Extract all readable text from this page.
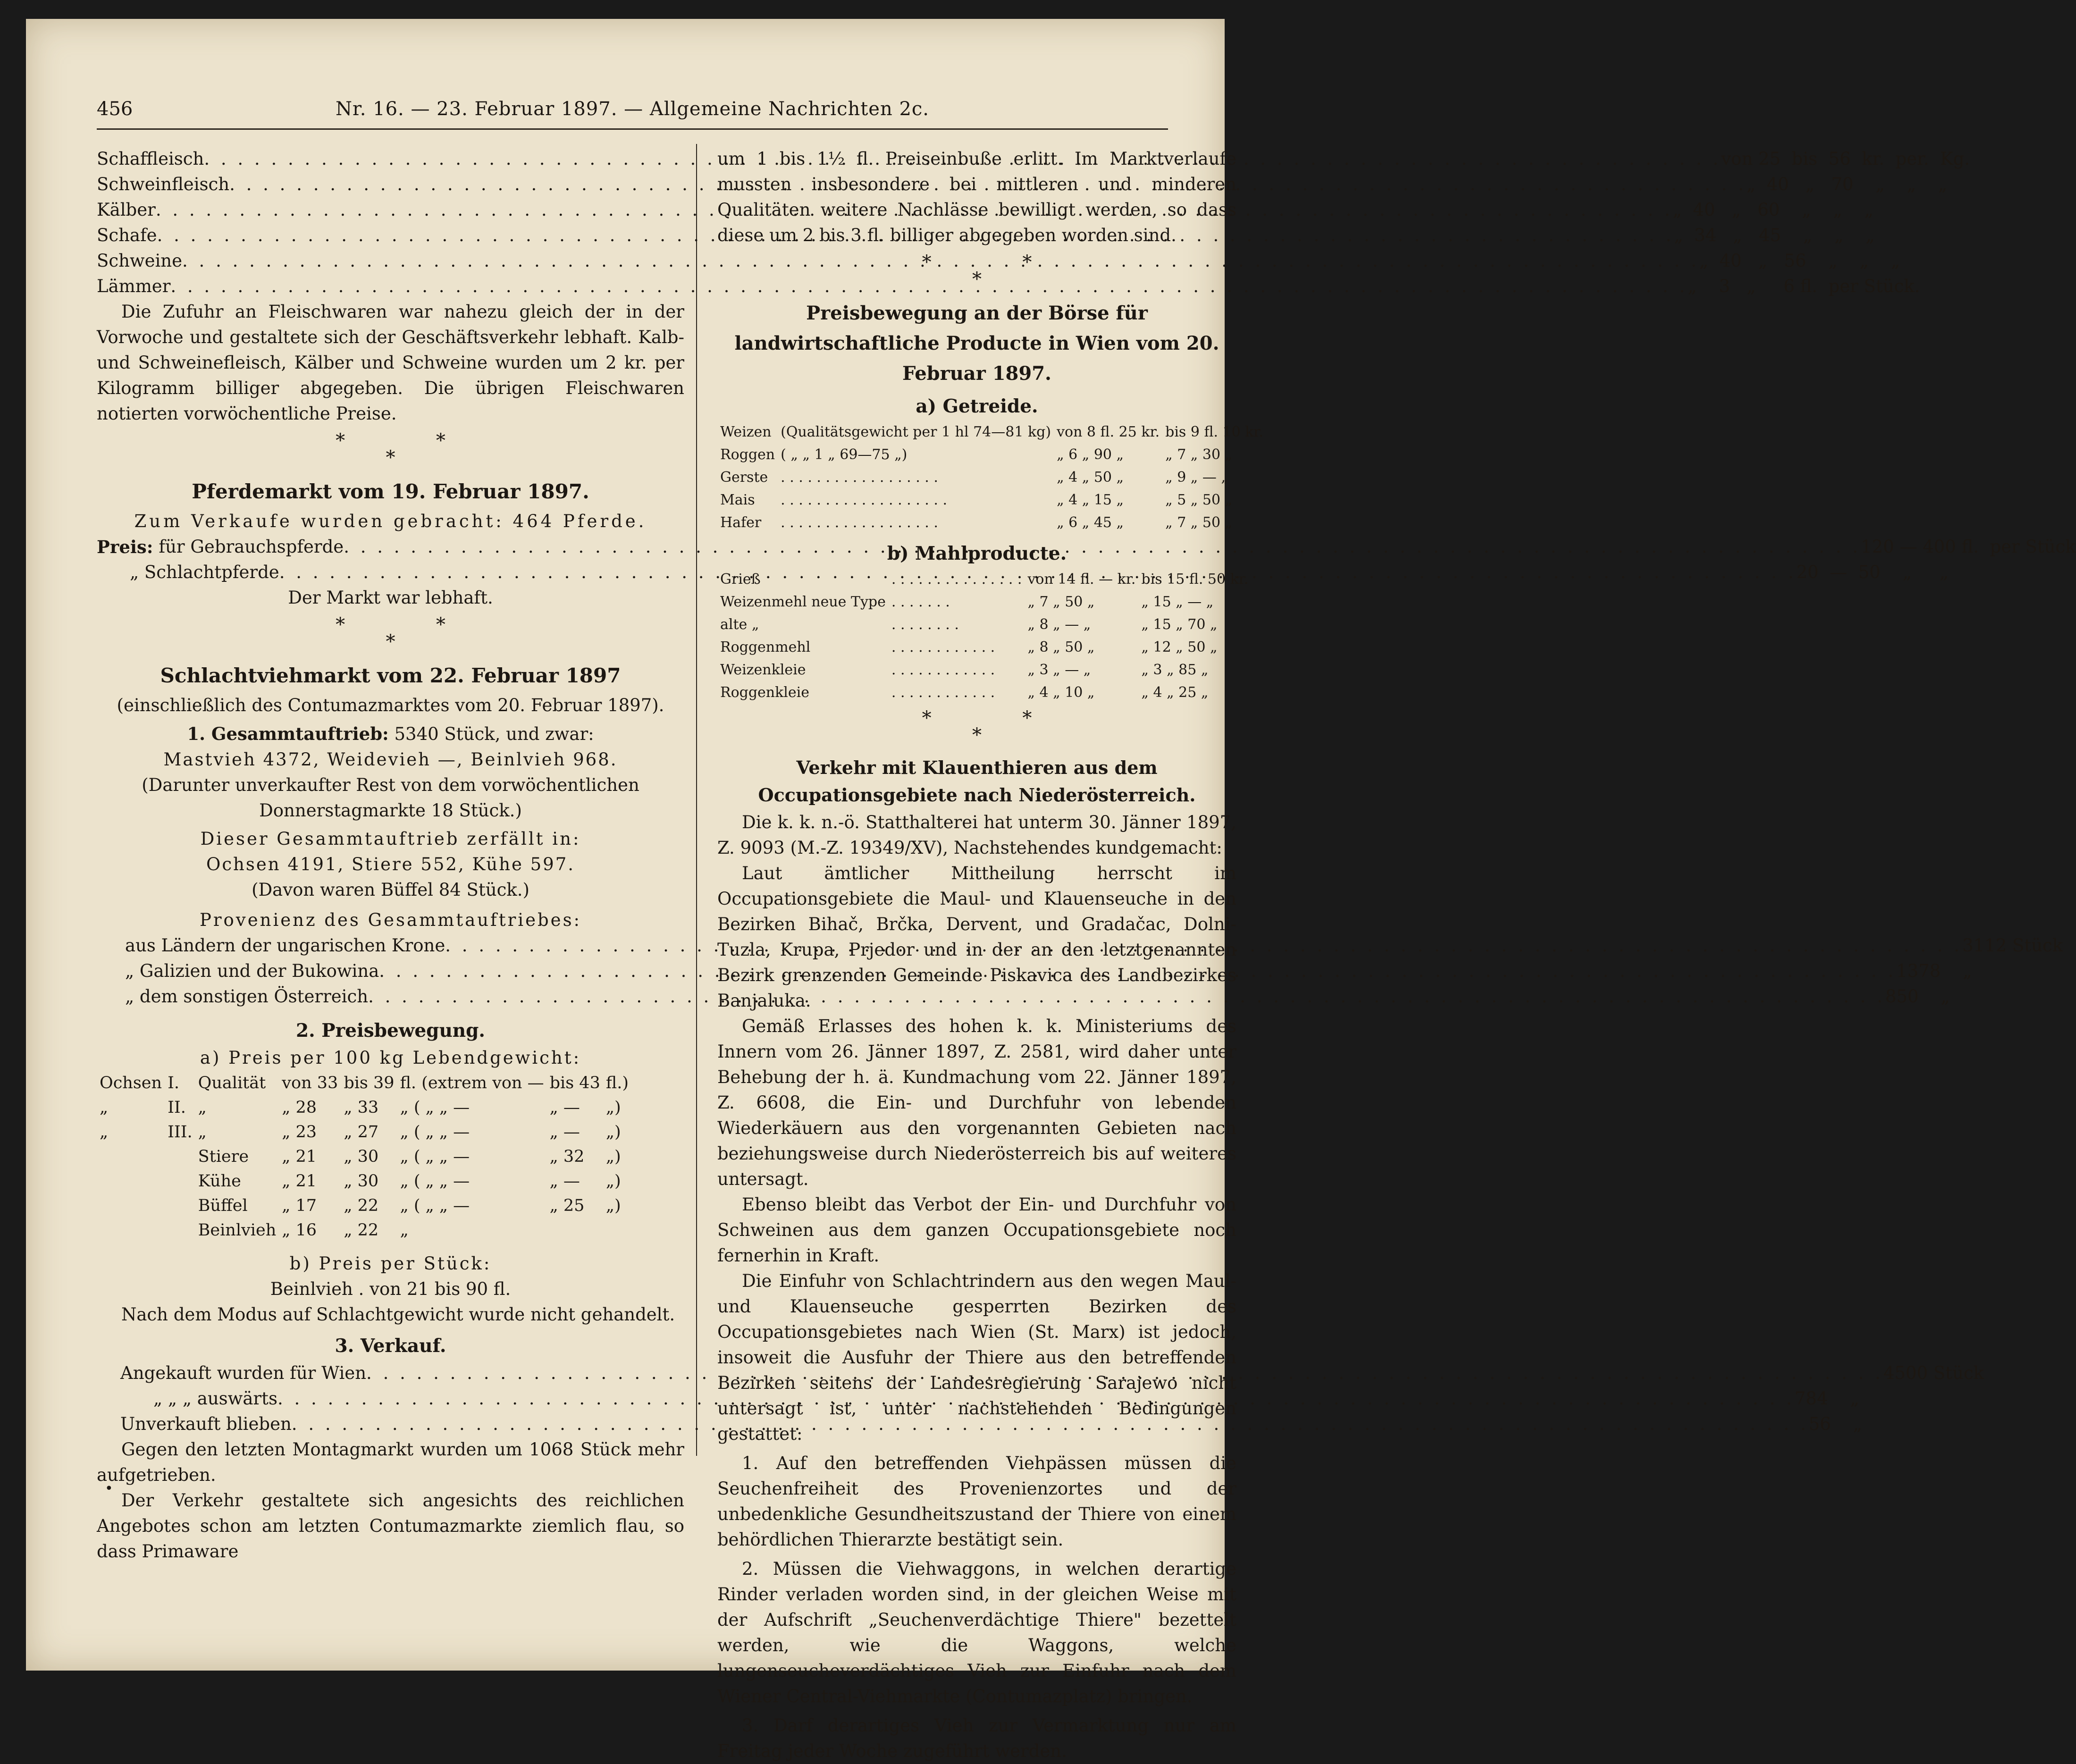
456	Nr. 16. — 23. Februar 1897. — Allgemeine Nachrichten 2c.
•
Schaffleisch . . .	von 25  bis  56  kr.  per.  Kg.
Schweinfleisch . . .	„  40   „   70    „    „    „
Kälber . . .	„  40   „   60    „    „    „
Schafe . . .	„  34   „   45    „    „    „
Schweine . . .	„  40   „   56    „    „    „
Lämmer . . .	„    3   „     6 fl.  per Stück.

Die Zufuhr an Fleischwaren war nahezu gleich der in der Vorwoche und gestaltete sich der Geschäftsverkehr lebhaft. Kalb- und Schweinefleisch, Kälber und Schweine wurden um 2 kr. per Kilogramm billiger abgegeben. Die übrigen Fleischwaren notierten vorwöchentliche Preise.

* *
*
Pferdemarkt vom 19. Februar 1897.

Zum Verkaufe wurden gebracht: 464 Pferde.

Preis: für Gebrauchspferde . . .	120 — 400 fl.  per Stück
„ Schlachtpferde . . .	20  —  50    „     „

Der Markt war lebhaft.

* *
*
Schlachtviehmarkt vom 22. Februar 1897

(einschließlich des Contumazmarktes vom 20. Februar 1897).

1. Gesammtauftrieb: 5340 Stück, und zwar:

Mastvieh 4372, Weidevieh —, Beinlvieh 968.

(Darunter unverkaufter Rest von dem vorwöchentlichen Donnerstagmarkte 18 Stück.)

Dieser Gesammtauftrieb zerfällt in:

Ochsen 4191, Stiere 552, Kühe 597.

(Davon waren Büffel 84 Stück.)

Provenienz des Gesammtauftriebes:

aus Ländern der ungarischen Krone . . .	3112 Stück
„ Galizien und der Bukowina . . .	1378    „
„ dem sonstigen Österreich . . .	850    „
2. Preisbewegung.

a) Preis per 100 kg Lebendgewicht:

Ochsen	I.	Qualität	von 33	bis 39	fl. (extrem von —	bis 43	fl.)
„	II.	„	„ 28	„ 33	„ ( „ „ —	„ —	„)
„	III.	„	„ 23	„ 27	„ ( „ „ —	„ —	„)
		Stiere	„ 21	„ 30	„ ( „ „ —	„ 32	„)
		Kühe	„ 21	„ 30	„ ( „ „ —	„ —	„)
		Büffel	„ 17	„ 22	„ ( „ „ —	„ 25	„)
		Beinlvieh	„ 16	„ 22	„		

b) Preis per Stück:

Beinlvieh . von 21 bis 90 fl.

Nach dem Modus auf Schlachtgewicht wurde nicht gehandelt.

3. Verkauf.
Angekauft wurden für Wien . . .	4500 Stück
„ „ „ auswärts . . .	784    „
Unverkauft blieben . . .	56    „

Gegen den letzten Montagmarkt wurden um 1068 Stück mehr aufgetrieben.

Der Verkehr gestaltete sich angesichts des reichlichen Angebotes schon am letzten Contumazmarkte ziemlich flau, so dass Primaware

um 1 bis 1½ fl. Preiseinbuße erlitt. Im Marktverlaufe mussten insbesondere bei mittleren und minderen Qualitäten weitere Nachlässe bewilligt werden, so dass diese um 2 bis 3 fl. billiger abgegeben worden sind.

* *
*
Preisbewegung an der Börse für landwirtschaftliche Producte in Wien vom 20. Februar 1897.
a) Getreide.
Weizen	(Qualitätsgewicht per 1 hl 74—81 kg)	von 8 fl. 25 kr.	bis 9 fl. 10 kr.
Roggen	( „ „ 1 „ 69—75 „)	„ 6 „ 90 „	„ 7 „ 30 „
Gerste	. . . . . . . . . . . . . . . . . .	„ 4 „ 50 „	„ 9 „ — „
Mais	. . . . . . . . . . . . . . . . . . .	„ 4 „ 15 „	„ 5 „ 50 „
Hafer	. . . . . . . . . . . . . . . . . .	„ 6 „ 45 „	„ 7 „ 50 „
b) Mahlproducte.
Grieß	. . . . . . . . . . . . . . .	von 14 fl. — kr.	bis 15 fl. 50 kr.
Weizenmehl neue Type	. . . . . . .	„ 7 „ 50 „	„ 15 „ — „
alte „	. . . . . . . .	„ 8 „ — „	„ 15 „ 70 „
Roggenmehl	. . . . . . . . . . . .	„ 8 „ 50 „	„ 12 „ 50 „
Weizenkleie	. . . . . . . . . . . .	„ 3 „ — „	„ 3 „ 85 „
Roggenkleie	. . . . . . . . . . . .	„ 4 „ 10 „	„ 4 „ 25 „
* *
*
Verkehr mit Klauenthieren aus dem Occupationsgebiete nach Niederösterreich.

Die k. k. n.-ö. Statthalterei hat unterm 30. Jänner 1897, Z. 9093 (M.-Z. 19349/XV), Nachstehendes kundgemacht:

Laut ämtlicher Mittheilung herrscht im Occupationsgebiete die Maul- und Klauenseuche in den Bezirken Bihač, Brčka, Dervent, und Gradačac, Dolni-Tuzla, Krupa, Prjedor und in der an den letztgenannten Bezirk grenzenden Gemeinde Piskavica des Landbezirkes Banjaluka.

Gemäß Erlasses des hohen k. k. Ministeriums des Innern vom 26. Jänner 1897, Z. 2581, wird daher unter Behebung der h. ä. Kundmachung vom 22. Jänner 1897, Z. 6608, die Ein- und Durchfuhr von lebenden Wiederkäuern aus den vorgenannten Gebieten nach beziehungsweise durch Niederösterreich bis auf weiteres untersagt.

Ebenso bleibt das Verbot der Ein- und Durchfuhr von Schweinen aus dem ganzen Occupationsgebiete noch fernerhin in Kraft.

Die Einfuhr von Schlachtrindern aus den wegen Maul- und Klauenseuche gesperrten Bezirken des Occupationsgebietes nach Wien (St. Marx) ist jedoch, insoweit die Ausfuhr der Thiere aus den betreffenden Bezirken seitens der Landesregierung Sarajewo nicht untersagt ist, unter nachstehenden Bedingungen gestattet:

1. Auf den betreffenden Viehpässen müssen die Seuchenfreiheit des Provenienzortes und der unbedenkliche Gesundheitszustand der Thiere von einem behördlichen Thierarzte bestätigt sein.

2. Müssen die Viehwaggons, in welchen derartige Rinder verladen worden sind, in der gleichen Weise mit der Aufschrift „Seuchenverdächtige Thiere" bezettelt werden, wie die Waggons, welche lungenseucheverdächtiges Vieh zur Einfuhr nach dem Wiener Central-Viehmarkte (Contumazplatz) bringen.

3. Darf derartiges Vieh zur Vermarktung nur am Freitag jeder Woche zugeführt werden.
